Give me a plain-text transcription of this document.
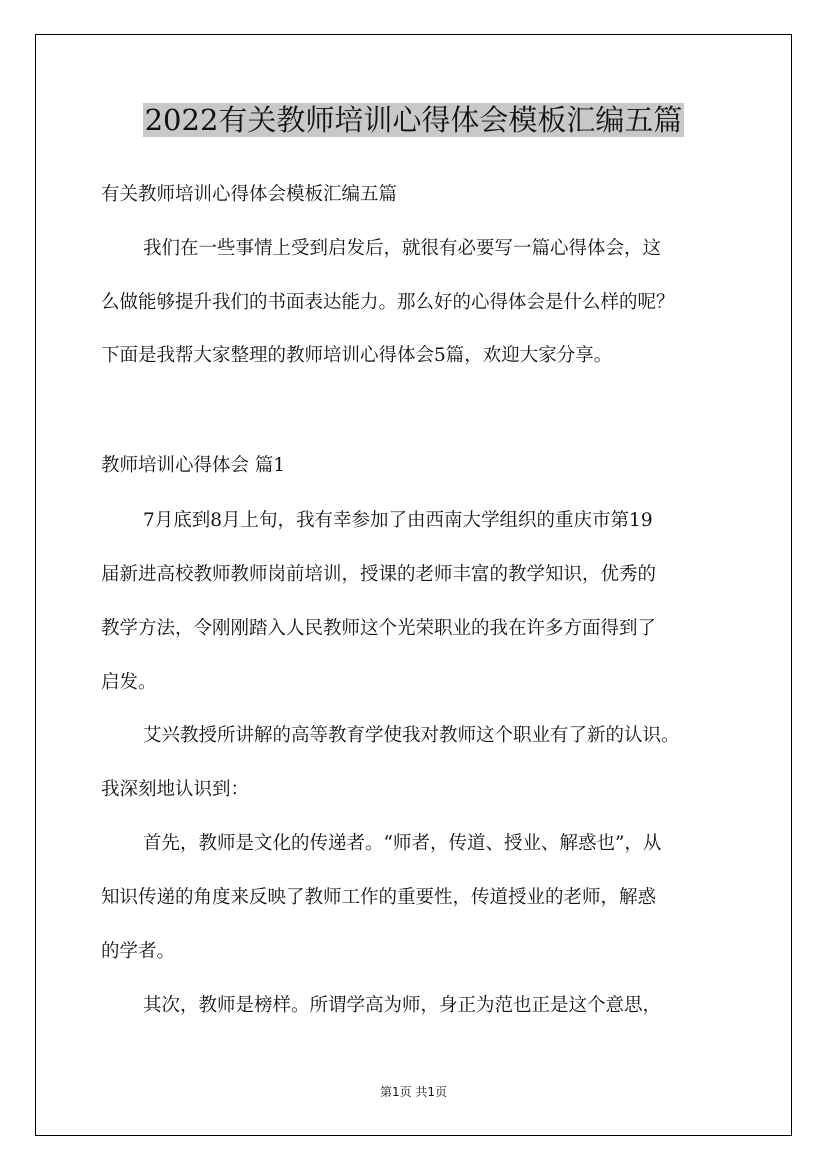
2022有关教师培训心得体会模板汇编五篇
有关教师培训心得体会模板汇编五篇
我们在一些事情上受到启发后，就很有必要写一篇心得体会，这
么做能够提升我们的书面表达能力。那么好的心得体会是什么样的呢？
下面是我帮大家整理的教师培训心得体会5篇，欢迎大家分享。
教师培训心得体会 篇1
7月底到8月上旬，我有幸参加了由西南大学组织的重庆市第19
届新进高校教师教师岗前培训，授课的老师丰富的教学知识，优秀的
教学方法，令刚刚踏入人民教师这个光荣职业的我在许多方面得到了
启发。
艾兴教授所讲解的高等教育学使我对教师这个职业有了新的认识。
我深刻地认识到：
首先，教师是文化的传递者。“师者，传道、授业、解惑也”，从
知识传递的角度来反映了教师工作的重要性，传道授业的老师，解惑
的学者。
其次，教师是榜样。所谓学高为师，身正为范也正是这个意思，
第1页 共1页
